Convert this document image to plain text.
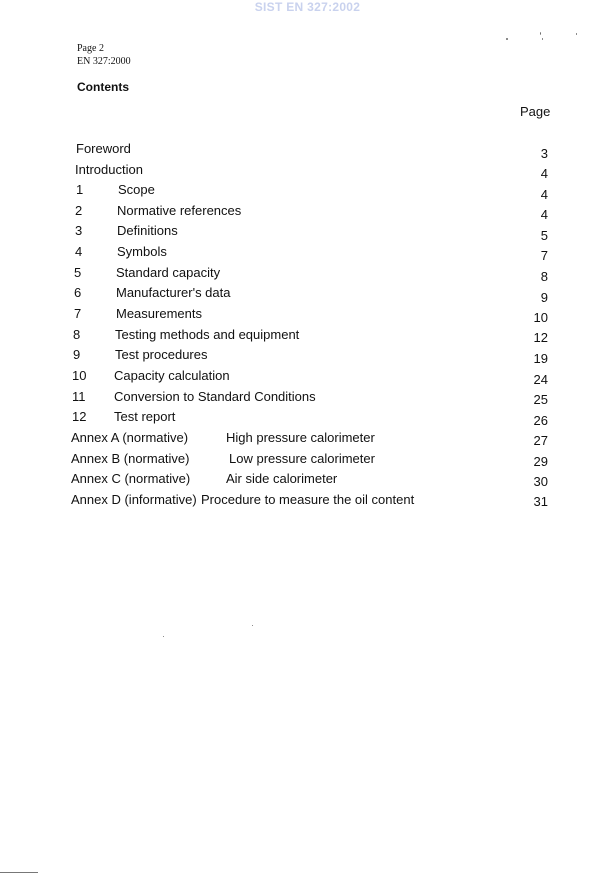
SIST EN 327:2002
Page 2
EN 327:2000
Contents
Page
Foreword	3
Introduction	4
1	Scope	4
2	Normative references	4
3	Definitions	5
4	Symbols	7
5	Standard capacity	8
6	Manufacturer's data	9
7	Measurements	10
8	Testing methods and equipment	12
9	Test procedures	19
10 Capacity calculation	24
11 Conversion to Standard Conditions	25
12 Test report	26
Annex A (normative)	High pressure calorimeter	27
Annex B (normative)	Low pressure calorimeter	29
Annex C (normative)	Air side calorimeter	30
Annex D (informative) Procedure to measure the oil content	31
